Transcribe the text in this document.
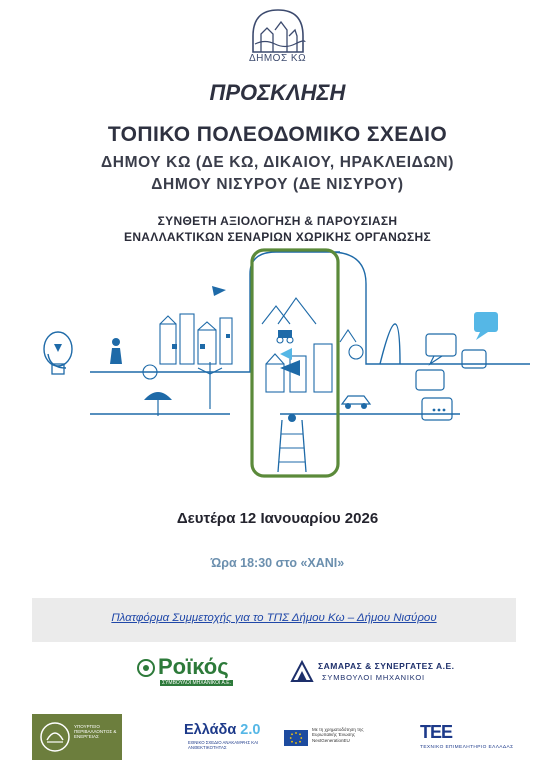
ΔΗΜΟΣ ΚΩ
ΠΡΟΣΚΛΗΣΗ
ΤΟΠΙΚΟ ΠΟΛΕΟΔΟΜΙΚΟ ΣΧΕΔΙΟ
ΔΗΜΟΥ ΚΩ (ΔΕ ΚΩ, ΔΙΚΑΙΟΥ, ΗΡΑΚΛΕΙΔΩΝ)
ΔΗΜΟΥ ΝΙΣΥΡΟΥ (ΔΕ ΝΙΣΥΡΟΥ)
ΣΥΝΘΕΤΗ ΑΞΙΟΛΟΓΗΣΗ & ΠΑΡΟΥΣΙΑΣΗ
ΕΝΑΛΛΑΚΤΙΚΩΝ ΣΕΝΑΡΙΩΝ ΧΩΡΙΚΗΣ ΟΡΓΑΝΩΣΗΣ
Δευτέρα 12 Ιανουαρίου 2026
Ώρα 18:30 στο «ΧΑΝΙ»
Πλατφόρμα Συμμετοχής για το ΤΠΣ Δήμου Κω – Δήμου Νισύρου
Ροϊκός
ΣΥΜΒΟΥΛΟΙ ΜΗΧΑΝΙΚΟΙ Α.Ε.
ΣΑΜΑΡΑΣ & ΣΥΝΕΡΓΑΤΕΣ Α.Ε.
ΣΥΜΒΟΥΛΟΙ ΜΗΧΑΝΙΚΟΙ
ΥΠΟΥΡΓΕΙΟ ΠΕΡΙΒΑΛΛΟΝΤΟΣ & ΕΝΕΡΓΕΙΑΣ	Ελλάδα 2.0
ΕΘΝΙΚΟ ΣΧΕΔΙΟ ΑΝΑΚΑΜΨΗΣ ΚΑΙ ΑΝΘΕΚΤΙΚΟΤΗΤΑΣ
Με τη χρηματοδότηση της Ευρωπαϊκής Ένωσης NextGenerationEU	ΤΕΕ
ΤΕΧΝΙΚΟ ΕΠΙΜΕΛΗΤΗΡΙΟ ΕΛΛΑΔΑΣ
